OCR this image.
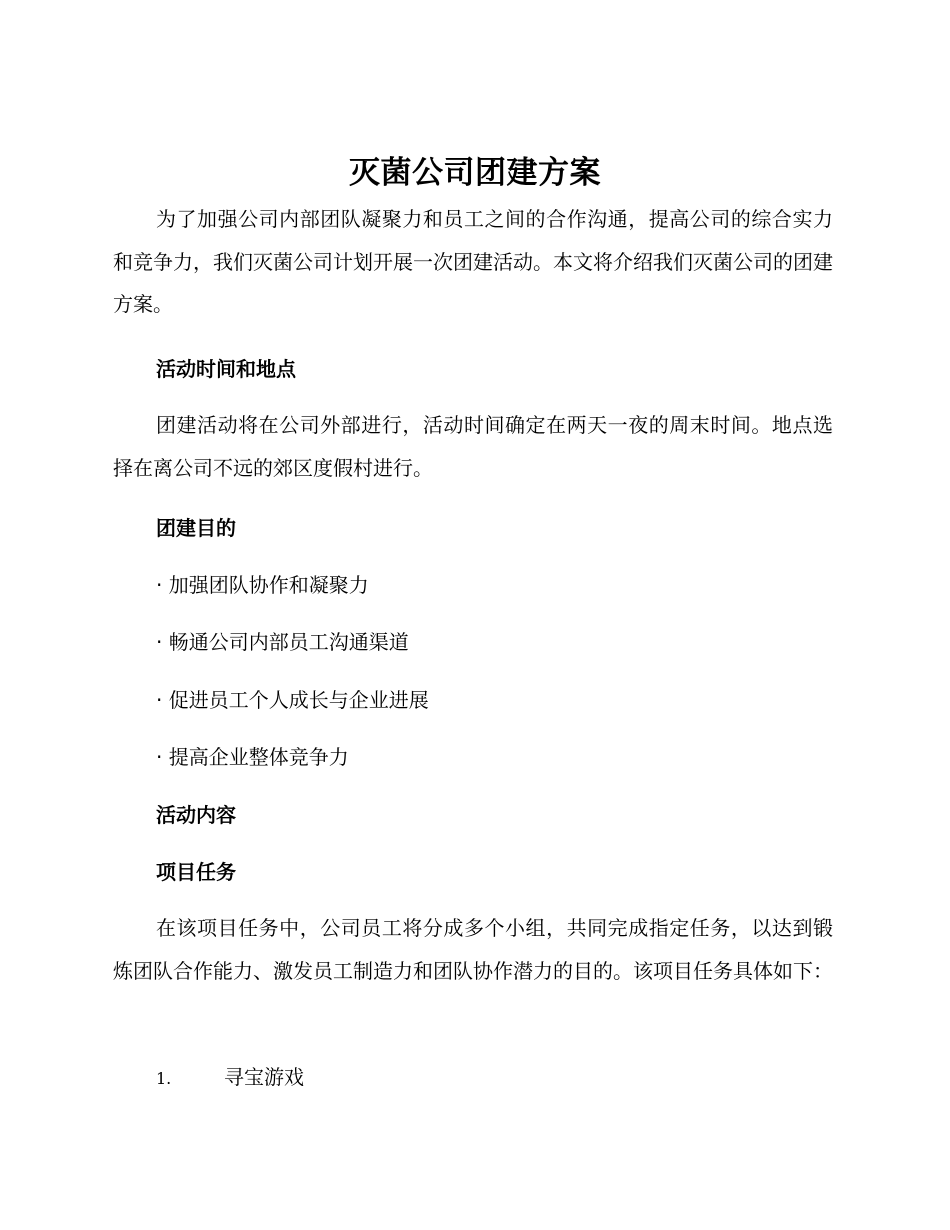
灭菌公司团建方案

为了加强公司内部团队凝聚力和员工之间的合作沟通，提高公司的综合实力和竞争力，我们灭菌公司计划开展一次团建活动。本文将介绍我们灭菌公司的团建方案。

活动时间和地点

团建活动将在公司外部进行，活动时间确定在两天一夜的周末时间。地点选择在离公司不远的郊区度假村进行。

团建目的

· 加强团队协作和凝聚力

· 畅通公司内部员工沟通渠道

· 促进员工个人成长与企业进展

· 提高企业整体竞争力

活动内容

项目任务

在该项目任务中，公司员工将分成多个小组，共同完成指定任务，以达到锻炼团队合作能力、激发员工制造力和团队协作潜力的目的。该项目任务具体如下：

1.	寻宝游戏
